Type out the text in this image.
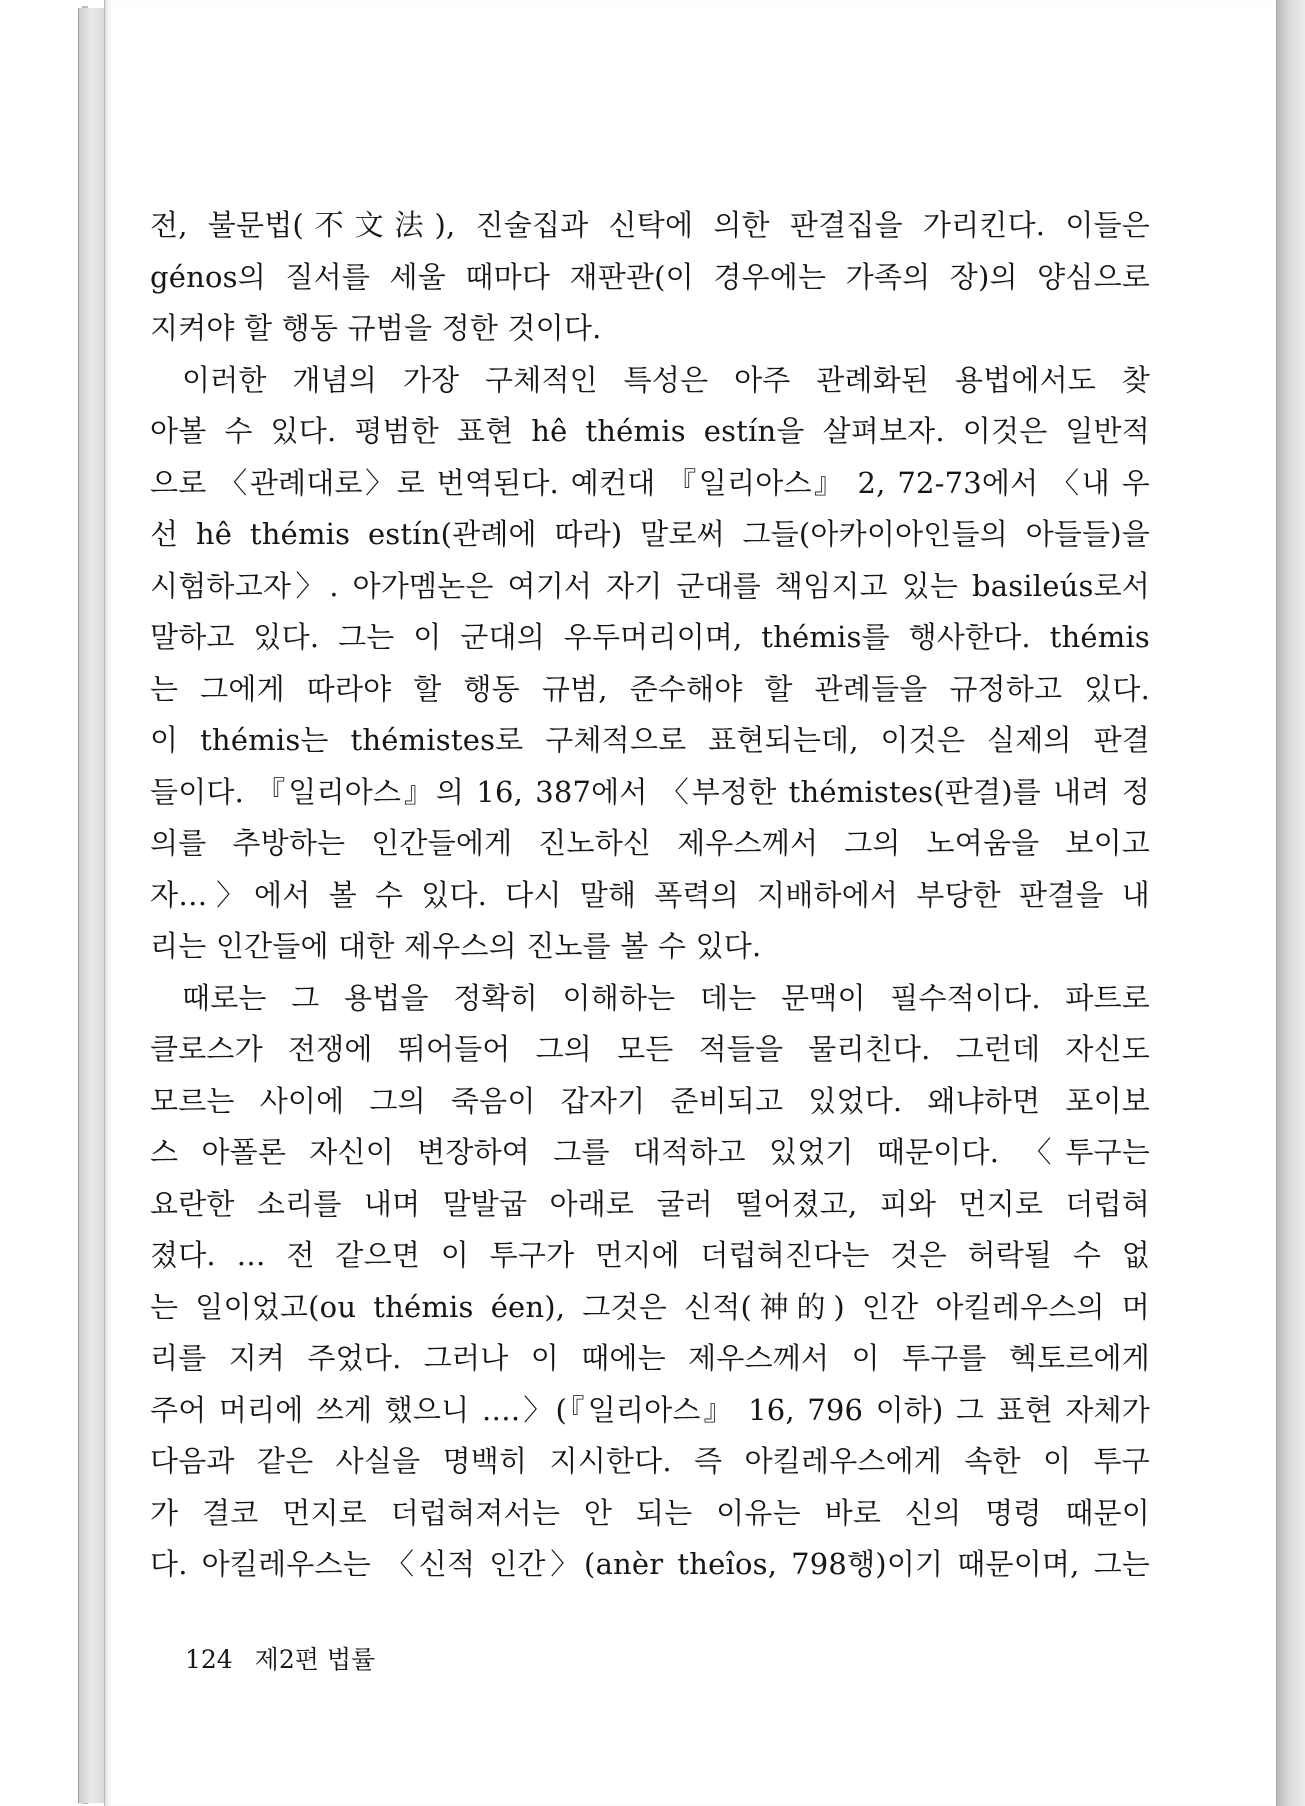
전, 불문법(不文法), 진술집과 신탁에 의한 판결집을 가리킨다. 이들은
génos의 질서를 세울 때마다 재판관(이 경우에는 가족의 장)의 양심으로
지켜야 할 행동 규범을 정한 것이다.
이러한 개념의 가장 구체적인 특성은 아주 관례화된 용법에서도 찾
아볼 수 있다. 평범한 표현 hê thémis estín을 살펴보자. 이것은 일반적
으로 〈관례대로〉로 번역된다. 예컨대 『일리아스』 2, 72-73에서 〈내 우
선 hê thémis estín(관례에 따라) 말로써 그들(아카이아인들의 아들들)을
시험하고자〉. 아가멤논은 여기서 자기 군대를 책임지고 있는 basileús로서
말하고 있다. 그는 이 군대의 우두머리이며, thémis를 행사한다. thémis
는 그에게 따라야 할 행동 규범, 준수해야 할 관례들을 규정하고 있다.
이 thémis는 thémistes로 구체적으로 표현되는데, 이것은 실제의 판결
들이다. 『일리아스』의 16, 387에서 〈부정한 thémistes(판결)를 내려 정
의를 추방하는 인간들에게 진노하신 제우스께서 그의 노여움을 보이고
자…〉에서 볼 수 있다. 다시 말해 폭력의 지배하에서 부당한 판결을 내
리는 인간들에 대한 제우스의 진노를 볼 수 있다.
때로는 그 용법을 정확히 이해하는 데는 문맥이 필수적이다. 파트로
클로스가 전쟁에 뛰어들어 그의 모든 적들을 물리친다. 그런데 자신도
모르는 사이에 그의 죽음이 갑자기 준비되고 있었다. 왜냐하면 포이보
스 아폴론 자신이 변장하여 그를 대적하고 있었기 때문이다. 〈투구는
요란한 소리를 내며 말발굽 아래로 굴러 떨어졌고, 피와 먼지로 더럽혀
졌다. … 전 같으면 이 투구가 먼지에 더럽혀진다는 것은 허락될 수 없
는 일이었고(ou thémis éen), 그것은 신적(神的) 인간 아킬레우스의 머
리를 지켜 주었다. 그러나 이 때에는 제우스께서 이 투구를 헥토르에게
주어 머리에 쓰게 했으니 ….〉(『일리아스』 16, 796 이하) 그 표현 자체가
다음과 같은 사실을 명백히 지시한다. 즉 아킬레우스에게 속한 이 투구
가 결코 먼지로 더럽혀져서는 안 되는 이유는 바로 신의 명령 때문이
다. 아킬레우스는 〈신적 인간〉(anèr theîos, 798행)이기 때문이며, 그는
124 제2편 법률
